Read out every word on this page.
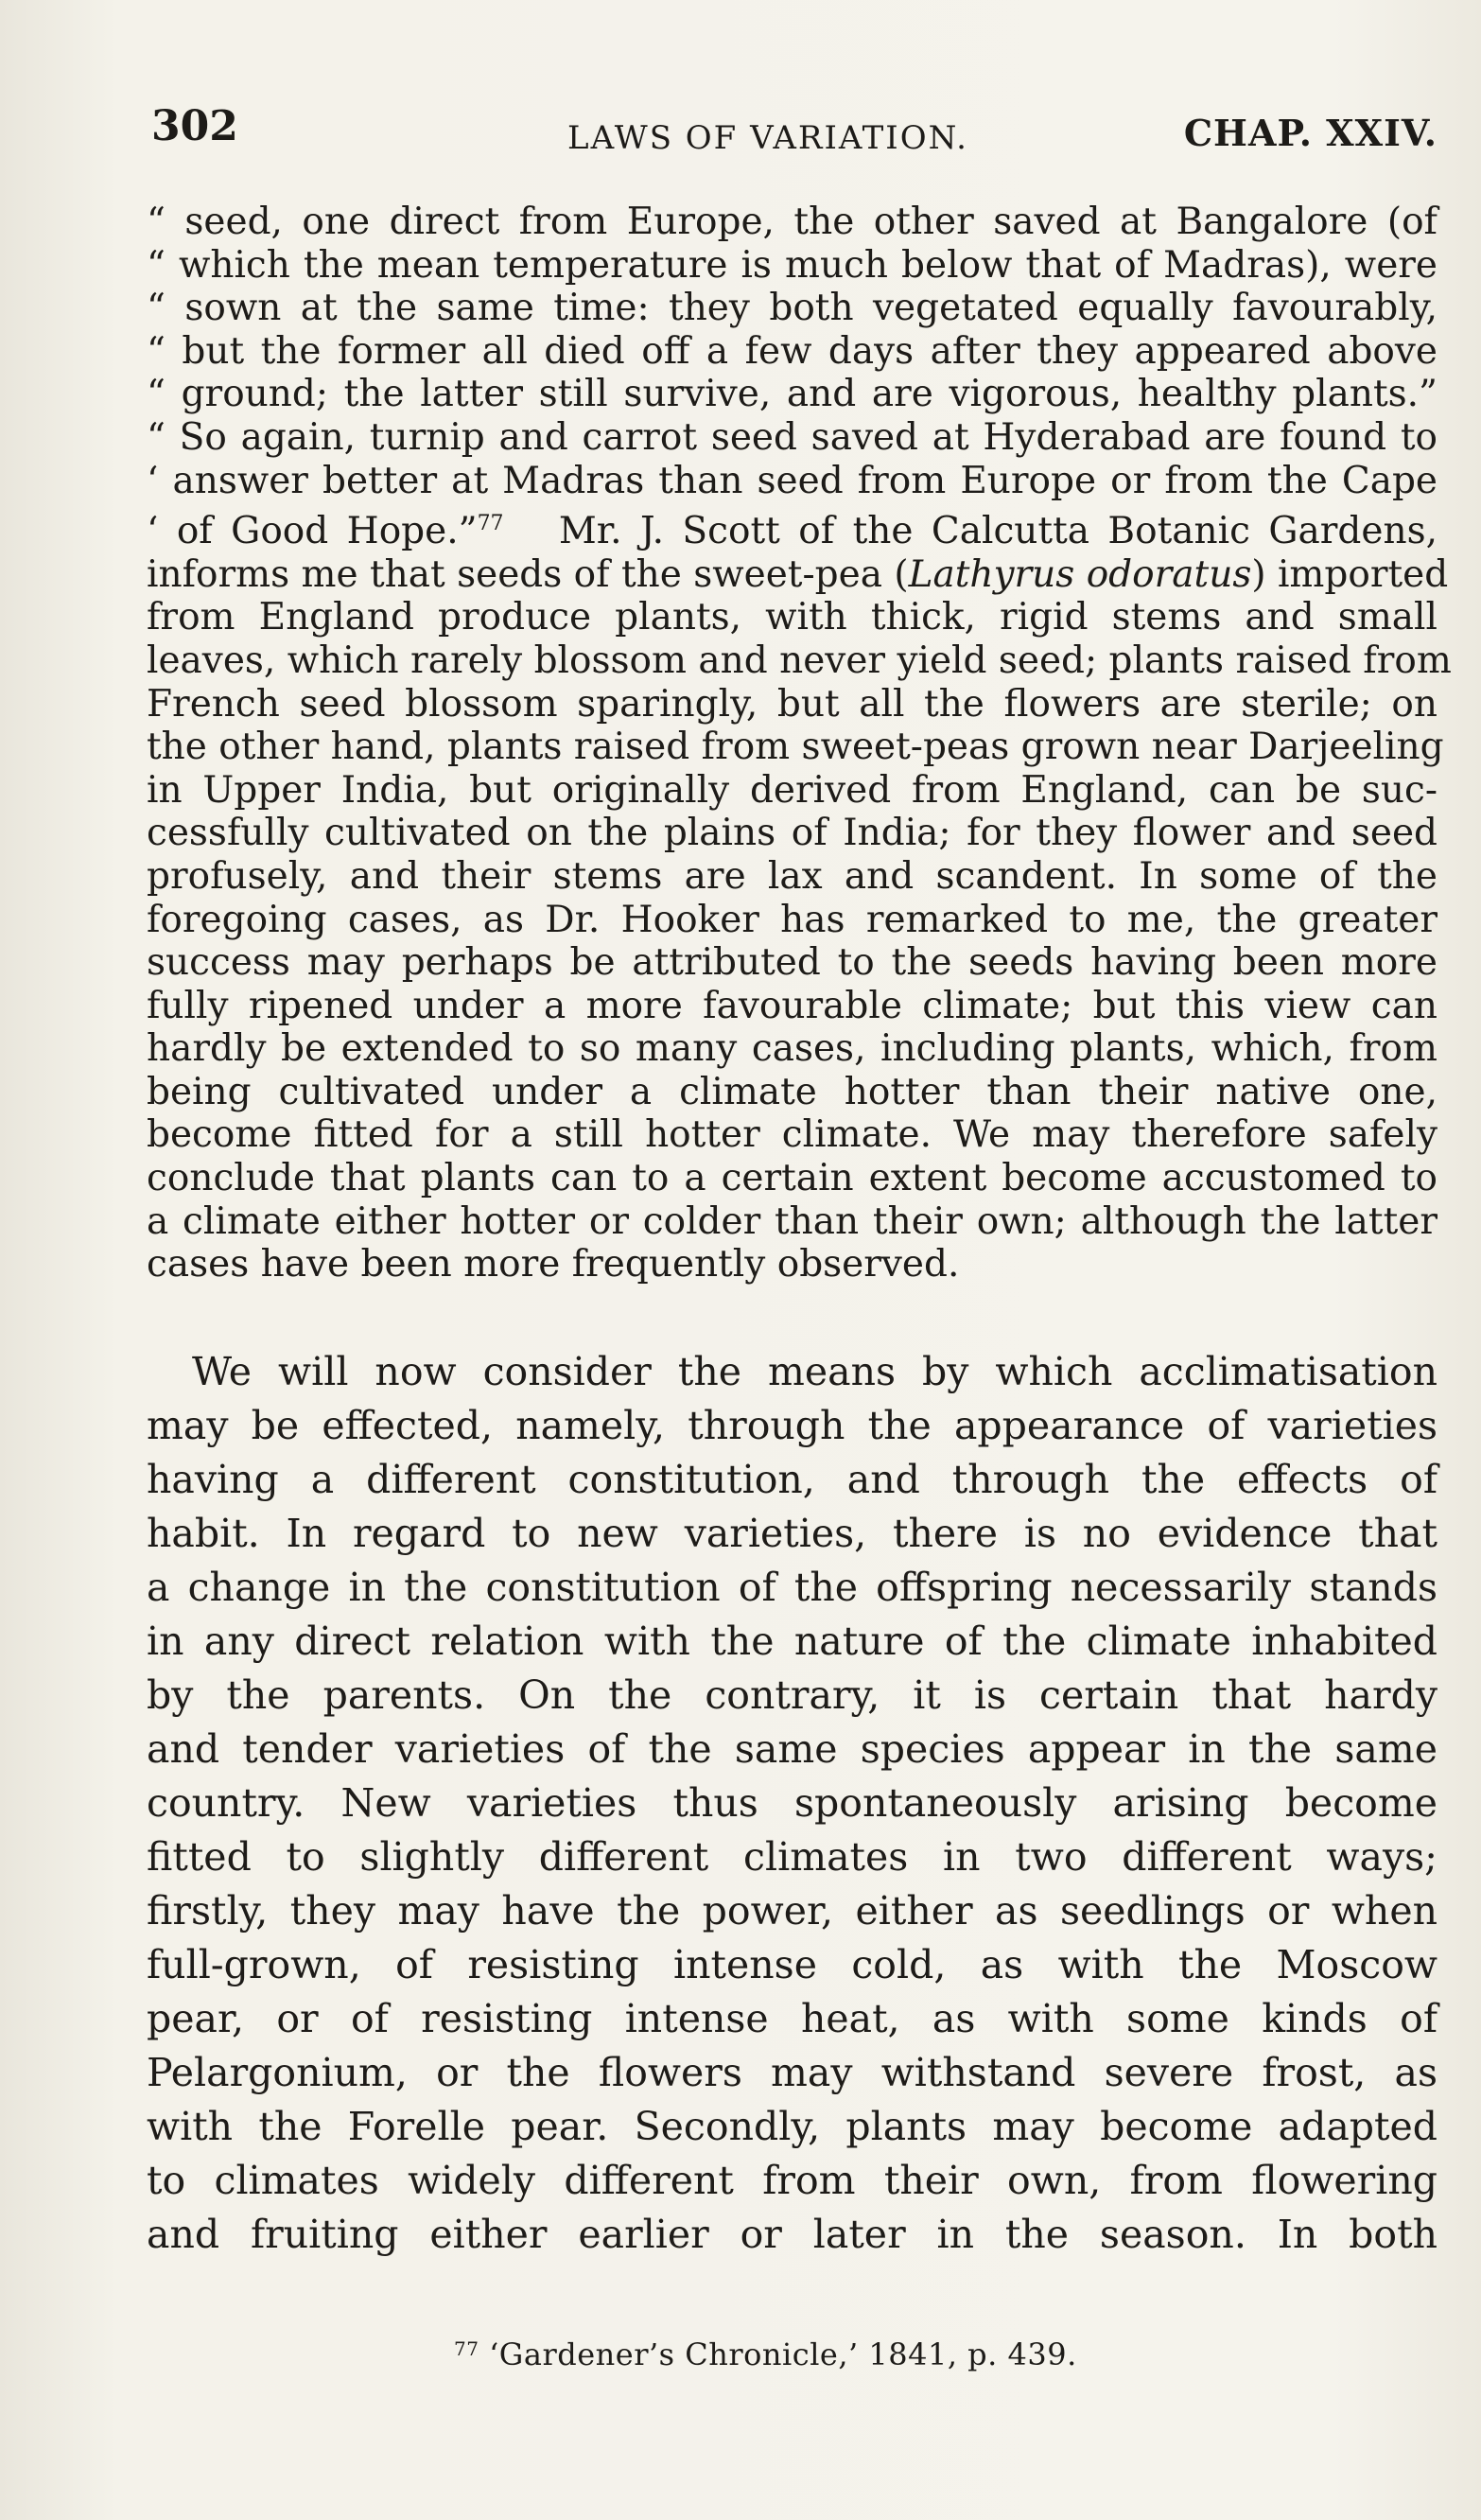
302	LAWS OF VARIATION.	CHAP. XXIV.
“ seed, one direct from Europe, the other saved at Bangalore (of
“ which the mean temperature is much below that of Madras), were
“ sown at the same time: they both vegetated equally favourably,
“ but the former all died off a few days after they appeared above
“ ground; the latter still survive, and are vigorous, healthy plants.”
“ So again, turnip and carrot seed saved at Hyderabad are found to
‘ answer better at Madras than seed from Europe or from the Cape
‘ of Good Hope.”$^{77}$ Mr. J. Scott of the Calcutta Botanic Gardens,
informs me that seeds of the sweet-pea (Lathyrus odoratus) imported
from England produce plants, with thick, rigid stems and small
leaves, which rarely blossom and never yield seed; plants raised from
French seed blossom sparingly, but all the flowers are sterile; on
the other hand, plants raised from sweet-peas grown near Darjeeling
in Upper India, but originally derived from England, can be suc-
cessfully cultivated on the plains of India; for they flower and seed
profusely, and their stems are lax and scandent. In some of the
foregoing cases, as Dr. Hooker has remarked to me, the greater
success may perhaps be attributed to the seeds having been more
fully ripened under a more favourable climate; but this view can
hardly be extended to so many cases, including plants, which, from
being cultivated under a climate hotter than their native one,
become fitted for a still hotter climate. We may therefore safely
conclude that plants can to a certain extent become accustomed to
a climate either hotter or colder than their own; although the latter
cases have been more frequently observed.
We will now consider the means by which acclimatisation
may be effected, namely, through the appearance of varieties
having a different constitution, and through the effects of
habit. In regard to new varieties, there is no evidence that
a change in the constitution of the offspring necessarily stands
in any direct relation with the nature of the climate inhabited
by the parents. On the contrary, it is certain that hardy
and tender varieties of the same species appear in the same
country. New varieties thus spontaneously arising become
fitted to slightly different climates in two different ways;
firstly, they may have the power, either as seedlings or when
full-grown, of resisting intense cold, as with the Moscow
pear, or of resisting intense heat, as with some kinds of
Pelargonium, or the flowers may withstand severe frost, as
with the Forelle pear. Secondly, plants may become adapted
to climates widely different from their own, from flowering
and fruiting either earlier or later in the season. In both
$^{77}$ ‘Gardener’s Chronicle,’ 1841, p. 439.
